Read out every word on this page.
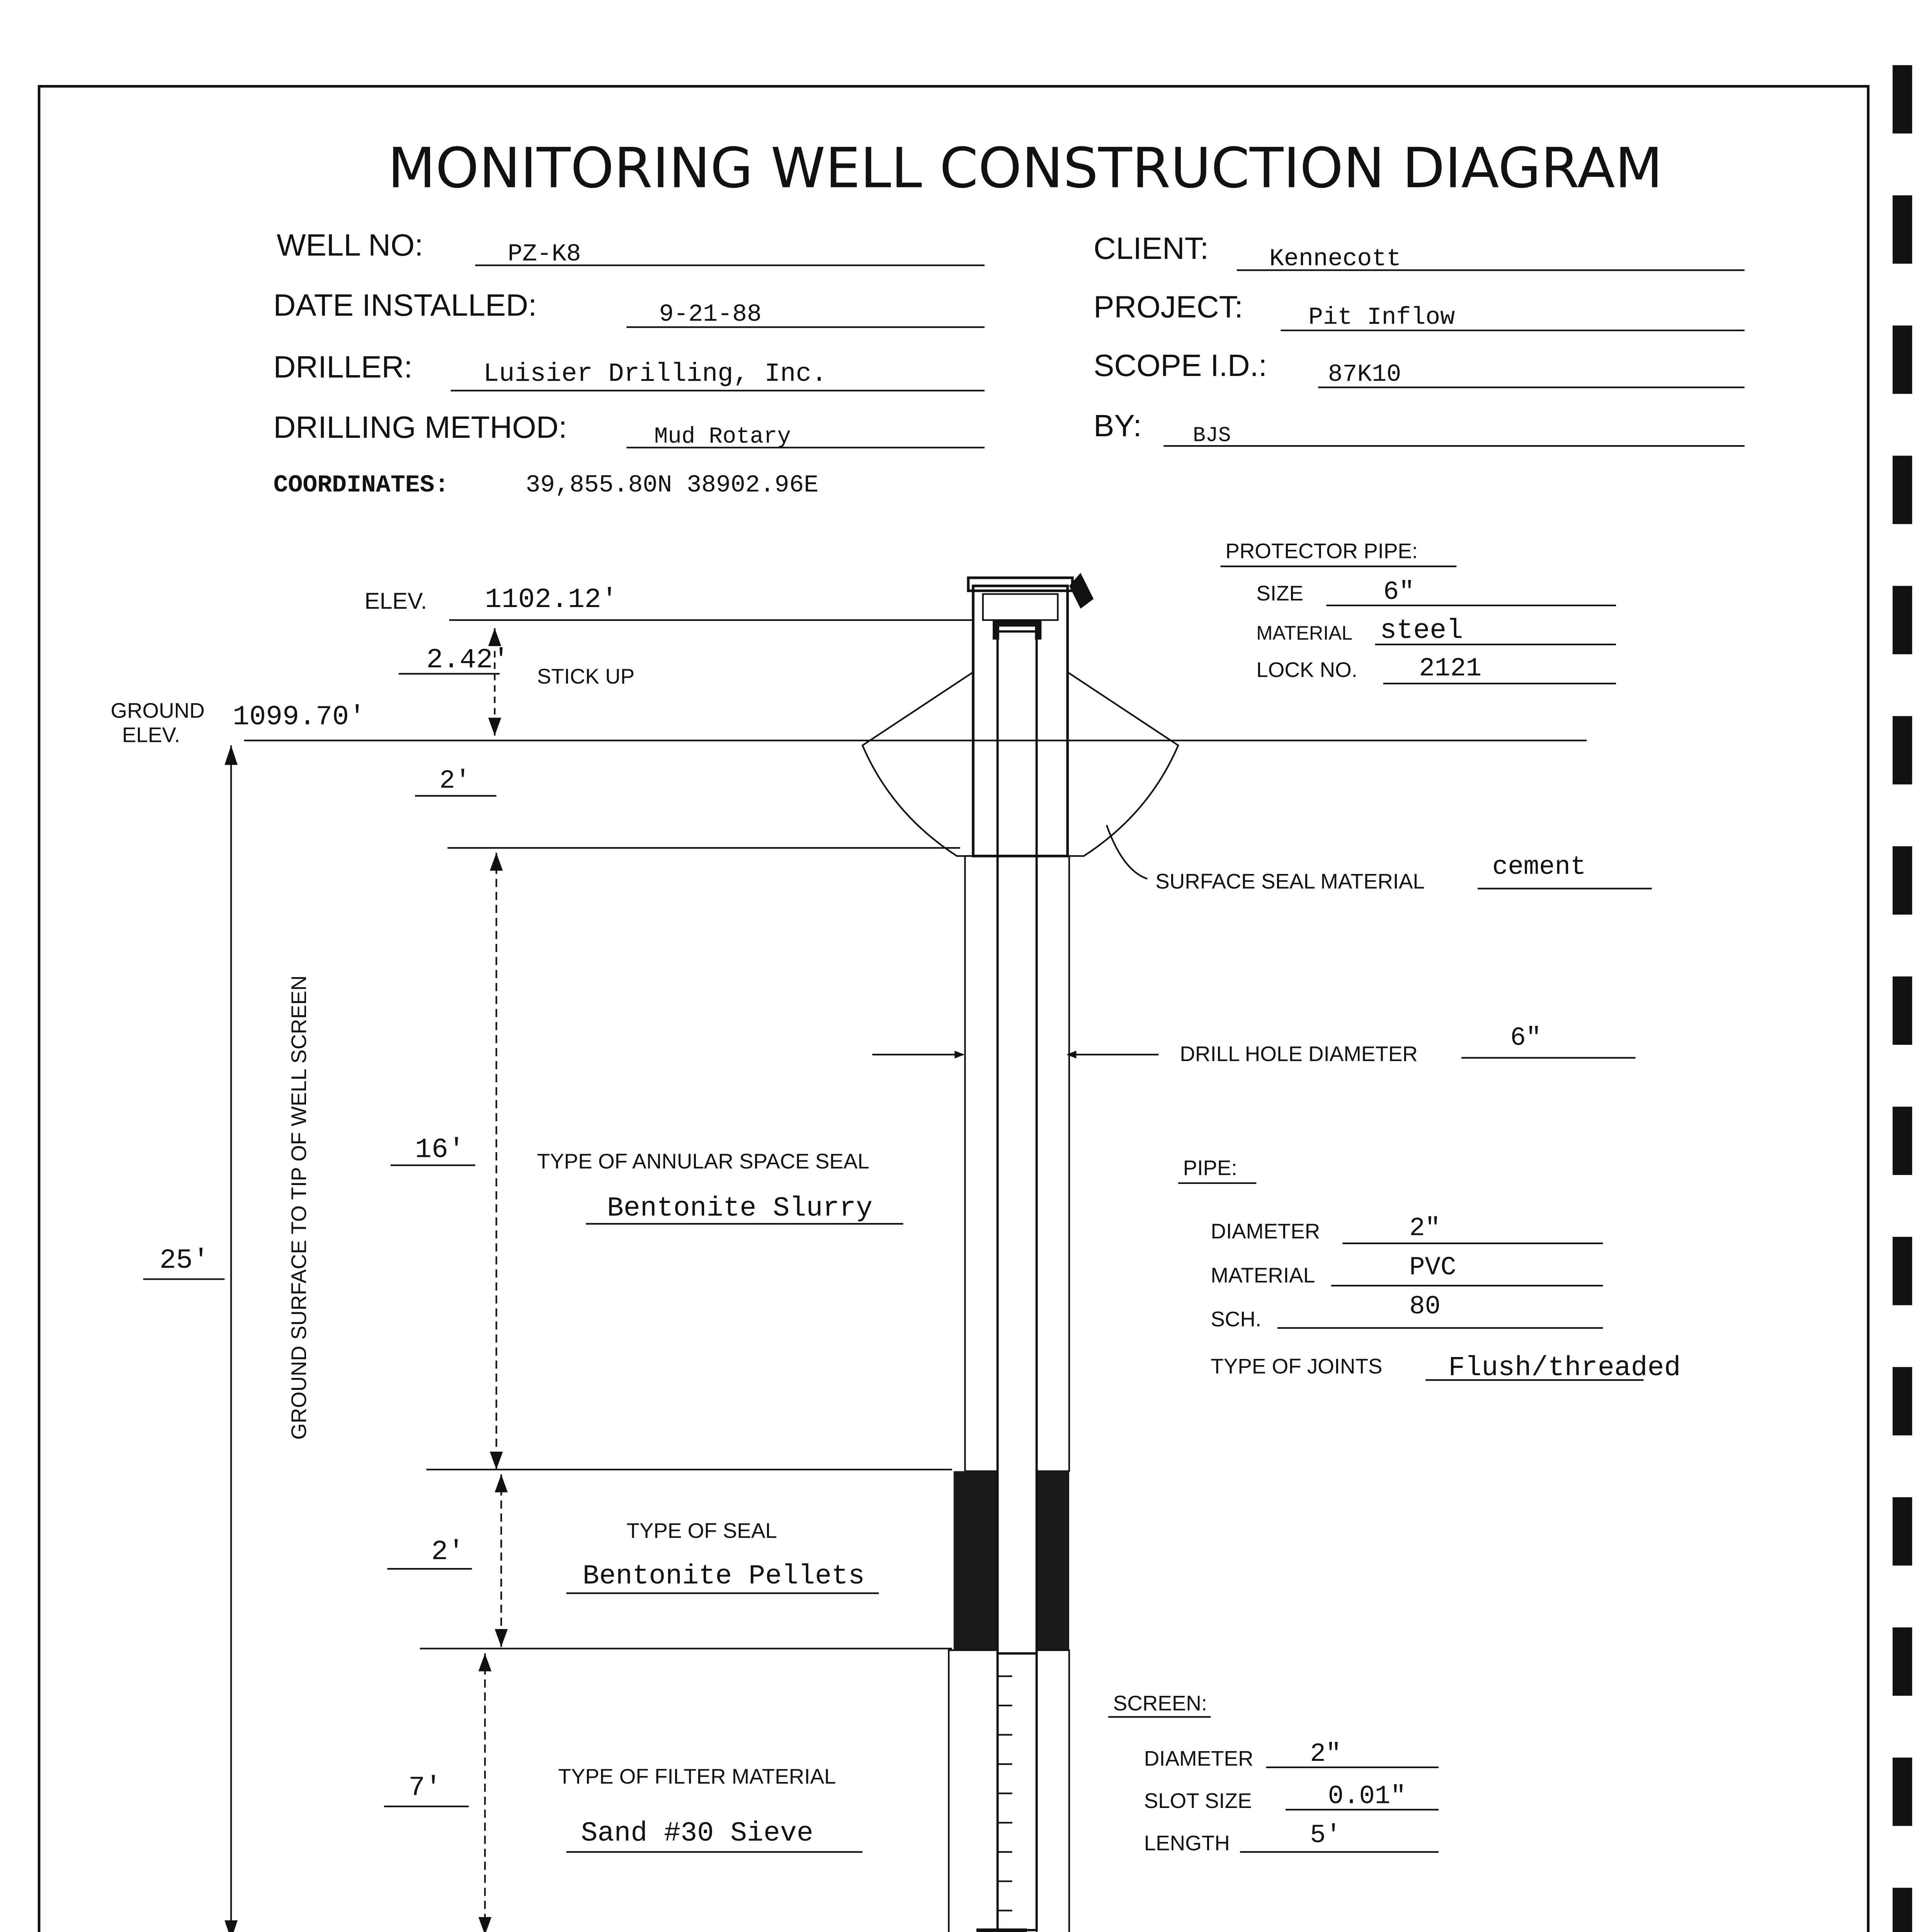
MONITORING WELL CONSTRUCTION DIAGRAM
WELL NO:	PZ-K8
DATE INSTALLED:	9-21-88
DRILLER:	Luisier Drilling, Inc.
DRILLING METHOD:	Mud Rotary
COORDINATES:	39,855.80N 38902.96E
CLIENT:	Kennecott
PROJECT:	Pit Inflow
SCOPE I.D.:	87K10
BY:	BJS
PROTECTOR PIPE:
SIZE	6"
MATERIAL	steel
LOCK NO.	2121
ELEV.	1102.12'
2.42'
STICK UP
GROUND
ELEV.
1099.70'
2'
SURFACE SEAL MATERIAL	cement
25'	GROUND SURFACE TO TIP OF WELL SCREEN	16'	TYPE OF ANNULAR SPACE SEAL
Bentonite Slurry
DRILL HOLE DIAMETER
6"
PIPE:
DIAMETER	2"
MATERIAL	PVC
SCH.	80
TYPE OF JOINTS	Flush/threaded
TYPE OF SEAL
2'
Bentonite Pellets
7'	TYPE OF FILTER MATERIAL
Sand #30 Sieve
SCREEN:
DIAMETER	2"
SLOT SIZE	0.01"
LENGTH	5'
